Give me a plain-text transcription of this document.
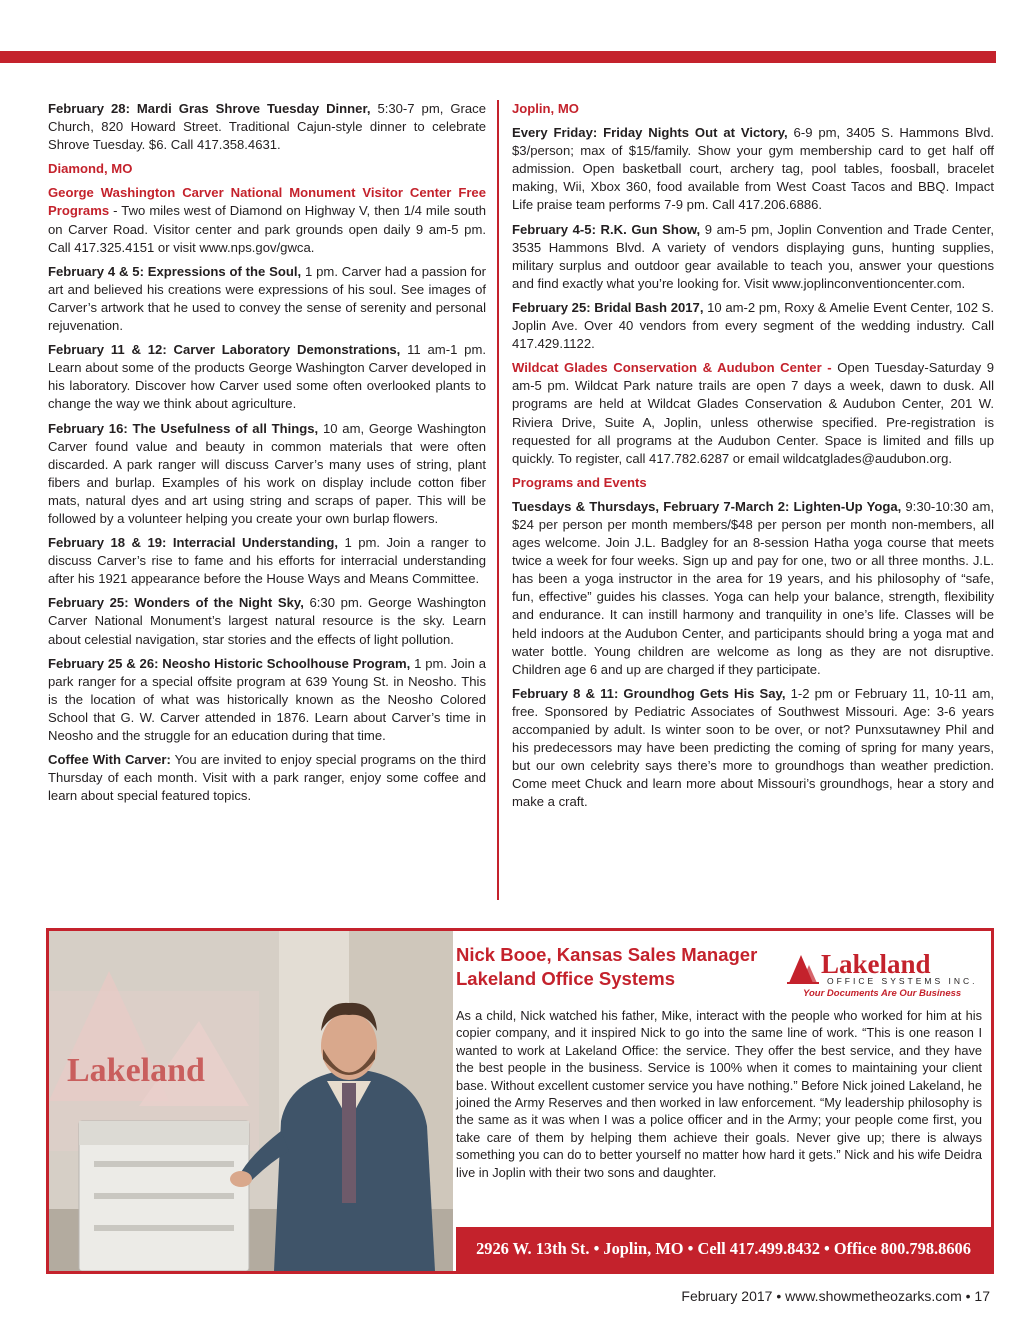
February 28: Mardi Gras Shrove Tuesday Dinner, 5:30-7 pm, Grace Church, 820 Howard Street. Traditional Cajun-style dinner to celebrate Shrove Tuesday. $6. Call 417.358.4631.

Diamond, MO

George Washington Carver National Monument Visitor Center Free Programs - Two miles west of Diamond on Highway V, then 1/4 mile south on Carver Road. Visitor center and park grounds open daily 9 am-5 pm. Call 417.325.4151 or visit www.nps.gov/gwca.

February 4 & 5: Expressions of the Soul, 1 pm. Carver had a passion for art and believed his creations were expressions of his soul. See images of Carver’s artwork that he used to convey the sense of serenity and personal rejuvenation.

February 11 & 12: Carver Laboratory Demonstrations, 11 am-1 pm. Learn about some of the products George Washington Carver developed in his laboratory. Discover how Carver used some often overlooked plants to change the way we think about agriculture.

February 16: The Usefulness of all Things, 10 am, George Washington Carver found value and beauty in common materials that were often discarded. A park ranger will discuss Carver’s many uses of string, plant fibers and burlap. Examples of his work on display include cotton fiber mats, natural dyes and art using string and scraps of paper. This will be followed by a volunteer helping you create your own burlap flowers.

February 18 & 19: Interracial Understanding, 1 pm. Join a ranger to discuss Carver’s rise to fame and his efforts for interracial understanding after his 1921 appearance before the House Ways and Means Committee.

February 25: Wonders of the Night Sky, 6:30 pm. George Washington Carver National Monument’s largest natural resource is the sky. Learn about celestial navigation, star stories and the effects of light pollution.

February 25 & 26: Neosho Historic Schoolhouse Program, 1 pm. Join a park ranger for a special offsite program at 639 Young St. in Neosho. This is the location of what was historically known as the Neosho Colored School that G. W. Carver attended in 1876. Learn about Carver’s time in Neosho and the struggle for an education during that time.

Coffee With Carver: You are invited to enjoy special programs on the third Thursday of each month. Visit with a park ranger, enjoy some coffee and learn about special featured topics.

Joplin, MO

Every Friday: Friday Nights Out at Victory, 6-9 pm, 3405 S. Hammons Blvd. $3/person; max of $15/family. Show your gym membership card to get half off admission. Open basketball court, archery tag, pool tables, foosball, bracelet making, Wii, Xbox 360, food available from West Coast Tacos and BBQ. Impact Life praise team performs 7-9 pm. Call 417.206.6886.

February 4-5: R.K. Gun Show, 9 am-5 pm, Joplin Convention and Trade Center, 3535 Hammons Blvd. A variety of vendors displaying guns, hunting supplies, military surplus and outdoor gear available to teach you, answer your questions and find exactly what you’re looking for. Visit www.joplinconventioncenter.com.

February 25: Bridal Bash 2017, 10 am-2 pm, Roxy & Amelie Event Center, 102 S. Joplin Ave. Over 40 vendors from every segment of the wedding industry. Call 417.429.1122.

Wildcat Glades Conservation & Audubon Center - Open Tuesday-Saturday 9 am-5 pm. Wildcat Park nature trails are open 7 days a week, dawn to dusk. All programs are held at Wildcat Glades Conservation & Audubon Center, 201 W. Riviera Drive, Suite A, Joplin, unless otherwise specified. Pre-registration is requested for all programs at the Audubon Center. Space is limited and fills up quickly. To register, call 417.782.6287 or email wildcatglades@audubon.org.

Programs and Events

Tuesdays & Thursdays, February 7-March 2: Lighten-Up Yoga, 9:30-10:30 am, $24 per person per month members/$48 per person per month non-members, all ages welcome. Join J.L. Badgley for an 8-session Hatha yoga course that meets twice a week for four weeks. Sign up and pay for one, two or all three months. J.L. has been a yoga instructor in the area for 19 years, and his philosophy of “safe, fun, effective” guides his classes. Yoga can help your balance, strength, flexibility and endurance. It can instill harmony and tranquility in one’s life. Classes will be held indoors at the Audubon Center, and participants should bring a yoga mat and water bottle. Young children are welcome as long as they are not disruptive. Children age 6 and up are charged if they participate.

February 8 & 11: Groundhog Gets His Say, 1-2 pm or February 11, 10-11 am, free. Sponsored by Pediatric Associates of Southwest Missouri. Age: 3-6 years accompanied by adult. Is winter soon to be over, or not? Punxsutawney Phil and his predecessors may have been predicting the coming of spring for many years, but our own celebrity says there’s more to groundhogs than weather prediction. Come meet Chuck and learn more about Missouri’s groundhogs, hear a story and make a craft.

Lakeland
Nick Booe, Kansas Sales Manager
Lakeland Office Systems

As a child, Nick watched his father, Mike, interact with the people who worked for him at his copier company, and it inspired Nick to go into the same line of work. “This is one reason I wanted to work at Lakeland Office: the service. They offer the best service, and they have the best people in the business. Service is 100% when it comes to maintaining your client base. Without excellent customer service you have nothing.” Before Nick joined Lakeland, he joined the Army Reserves and then worked in law enforcement. “My leadership philosophy is the same as it was when I was a police officer and in the Army; your people come first, you take care of them by helping them achieve their goals. Never give up; there is always something you can do to better yourself no matter how hard it gets.” Nick and his wife Deidra live in Joplin with their two sons and daughter.

Lakeland
OFFICE SYSTEMS INC.
Your Documents Are Our Business
2926 W. 13th St. • Joplin, MO • Cell 417.499.8432 • Office 800.798.8606
February 2017 • www.showmetheozarks.com • 17
